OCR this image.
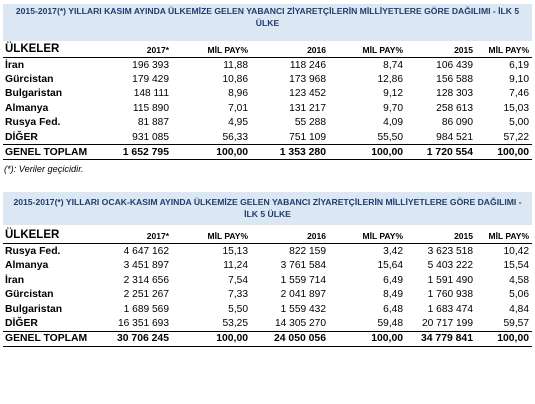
2015-2017(*) YILLARI KASIM AYINDA ÜLKEMİZE GELEN YABANCI ZİYARETÇİLERİN MİLLİYETLERE GÖRE DAĞILIMI - İLK 5 ÜLKE
ÜLKELER	2017*	MİL PAY%	2016	MİL PAY%	2015	MİL PAY%
İran	196 393	11,88	118 246	8,74	106 439	6,19
Gürcistan	179 429	10,86	173 968	12,86	156 588	9,10
Bulgaristan	148 111	8,96	123 452	9,12	128 303	7,46
Almanya	115 890	7,01	131 217	9,70	258 613	15,03
Rusya Fed.	81 887	4,95	55 288	4,09	86 090	5,00
DİĞER	931 085	56,33	751 109	55,50	984 521	57,22
GENEL TOPLAM	1 652 795	100,00	1 353 280	100,00	1 720 554	100,00
(*): Veriler geçicidir.
2015-2017(*) YILLARI OCAK-KASIM AYINDA ÜLKEMİZE GELEN YABANCI ZİYARETÇİLERİN MİLLİYETLERE GÖRE DAĞILIMI - İLK 5 ÜLKE
ÜLKELER	2017*	MİL PAY%	2016	MİL PAY%	2015	MİL PAY%
Rusya Fed.	4 647 162	15,13	822 159	3,42	3 623 518	10,42
Almanya	3 451 897	11,24	3 761 584	15,64	5 403 222	15,54
İran	2 314 656	7,54	1 559 714	6,49	1 591 490	4,58
Gürcistan	2 251 267	7,33	2 041 897	8,49	1 760 938	5,06
Bulgaristan	1 689 569	5,50	1 559 432	6,48	1 683 474	4,84
DİĞER	16 351 693	53,25	14 305 270	59,48	20 717 199	59,57
GENEL TOPLAM	30 706 245	100,00	24 050 056	100,00	34 779 841	100,00
